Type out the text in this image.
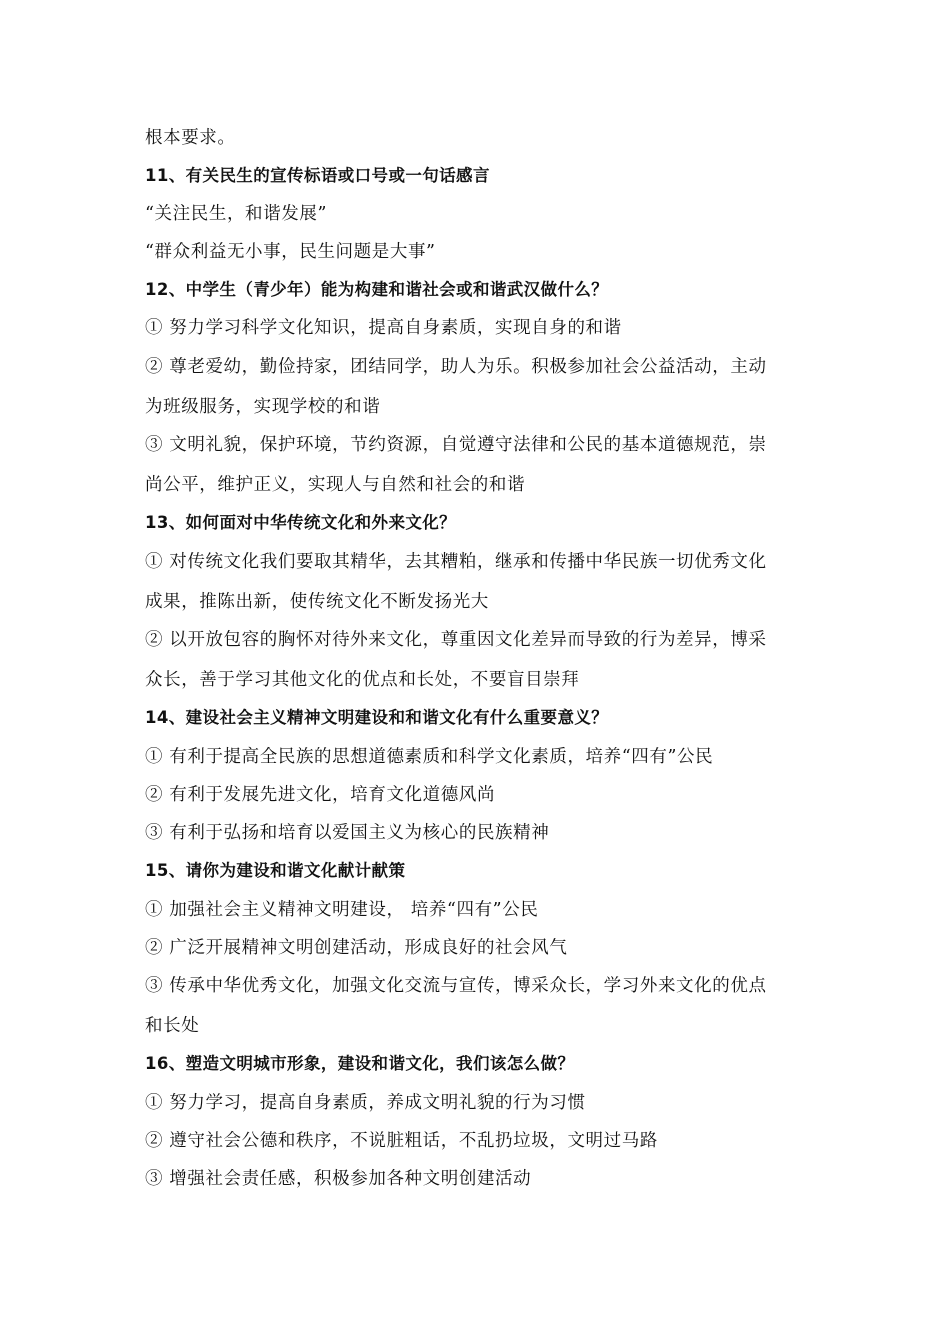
根本要求。
11、有关民生的宣传标语或口号或一句话感言
“关注民生，和谐发展”
“群众利益无小事，民生问题是大事”
12、中学生（青少年）能为构建和谐社会或和谐武汉做什么？
① 努力学习科学文化知识，提高自身素质，实现自身的和谐
② 尊老爱幼，勤俭持家，团结同学，助人为乐。积极参加社会公益活动，主动
为班级服务，实现学校的和谐
③ 文明礼貌，保护环境，节约资源，自觉遵守法律和公民的基本道德规范，崇
尚公平，维护正义，实现人与自然和社会的和谐
13、如何面对中华传统文化和外来文化？
① 对传统文化我们要取其精华，去其糟粕，继承和传播中华民族一切优秀文化
成果，推陈出新，使传统文化不断发扬光大
② 以开放包容的胸怀对待外来文化，尊重因文化差异而导致的行为差异，博采
众长，善于学习其他文化的优点和长处，不要盲目崇拜
14、建设社会主义精神文明建设和和谐文化有什么重要意义？
① 有利于提高全民族的思想道德素质和科学文化素质，培养“四有”公民
② 有利于发展先进文化，培育文化道德风尚
③ 有利于弘扬和培育以爱国主义为核心的民族精神
15、请你为建设和谐文化献计献策
① 加强社会主义精神文明建设， 培养“四有”公民
② 广泛开展精神文明创建活动，形成良好的社会风气
③ 传承中华优秀文化，加强文化交流与宣传，博采众长，学习外来文化的优点
和长处
16、塑造文明城市形象，建设和谐文化，我们该怎么做？
① 努力学习，提高自身素质，养成文明礼貌的行为习惯
② 遵守社会公德和秩序，不说脏粗话，不乱扔垃圾，文明过马路
③ 增强社会责任感，积极参加各种文明创建活动
